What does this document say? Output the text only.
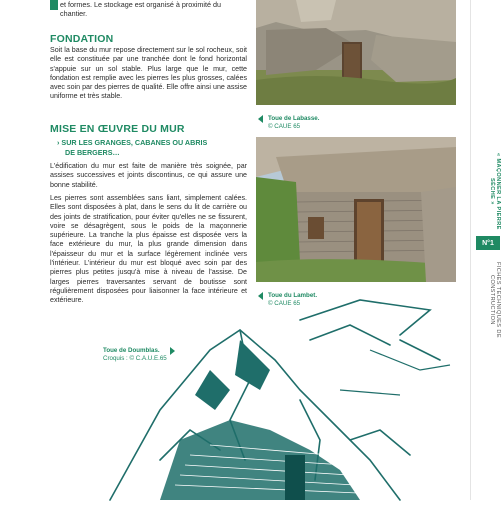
et formes. Le stockage est organisé à proximité du chantier.

FONDATION

Soit la base du mur repose directement sur le sol rocheux, soit elle est constituée par une tranchée dont le fond horizontal s'appuie sur un sol stable. Plus large que le mur, cette fondation est remplie avec les pierres les plus grosses, calées avec soin par des pierres de qualité. Elle offre ainsi une assise uniforme et très stable.

MISE EN ŒUVRE DU MUR
› SUR LES GRANGES, CABANES OU ABRIS
DE BERGERS…

L'édification du mur est faite de manière très soignée, par assises successives et joints discontinus, ce qui assure une bonne stabilité.

Les pierres sont assemblées sans liant, simplement calées. Elles sont disposées à plat, dans le sens du lit de carrière ou des joints de stratification, pour éviter qu'elles ne se fissurent, voire se désagrègent, sous le poids de la maçonnerie supérieure. La tranche la plus épaisse est disposée vers la face extérieure du mur, la plus grande dimension dans l'épaisseur du mur et la surface légèrement inclinée vers l'intérieur. L'intérieur du mur est bloqué avec soin par des pierres plus petites jusqu'à mise à niveau de l'assise. De larges pierres traversantes servant de boutisse sont régulièrement disposées pour liaisonner la face intérieure et extérieure.

Toue de Labasse.
© CAUE 65
Toue du Lambet.
© CAUE 65
Toue de Doumblas.
Croquis : © C.A.U.E.65
« MAÇONNER LA PIERRE SÈCHE »
FICHES TECHNIQUES DE CONSTRUCTION
N°1
